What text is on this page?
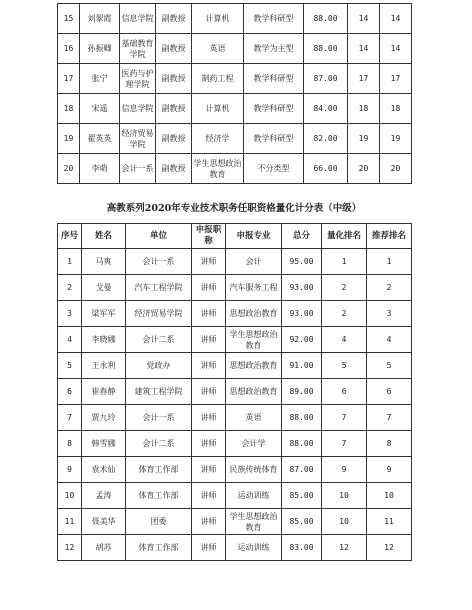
15	刘翠霞	信息学院	副教授	计算机	教学科研型	88.00	14	14
16	孙振卿	基础教育学院	副教授	英语	教学为主型	88.00	14	14
17	张宁	医药与护理学院	副教授	制药工程	教学科研型	87.00	17	17
18	宋遥	信息学院	副教授	计算机	教学科研型	84.00	18	18
19	翟英英	经济贸易学院	副教授	经济学	教学科研型	82.00	19	19
20	李萌	会计一系	副教授	学生思想政治教育	不分类型	66.00	20	20
高教系列2020年专业技术职务任职资格量化计分表（中级）
序号	姓名	单位	申报职称	申报专业	总分	量化排名	推荐排名
1	马爽	会计一系	讲师	会计	95.00	1	1
2	戈曼	汽车工程学院	讲师	汽车服务工程	93.00	2	2
3	梁军军	经济贸易学院	讲师	思想政治教育	93.00	2	3
4	李晓娜	会计二系	讲师	学生思想政治教育	92.00	4	4
5	王永利	党政办	讲师	思想政治教育	91.00	5	5
6	崔春静	建筑工程学院	讲师	思想政治教育	89.00	6	6
7	贾九玲	会计一系	讲师	英语	88.00	7	7
8	韩雪娜	会计二系	讲师	会计学	88.00	7	8
9	袁术仙	体育工作部	讲师	民族传统体育	87.00	9	9
10	孟涛	体育工作部	讲师	运动训练	85.00	10	10
11	聂美华	团委	讲师	学生思想政治教育	85.00	10	11
12	胡苏	体育工作部	讲师	运动训练	83.00	12	12
